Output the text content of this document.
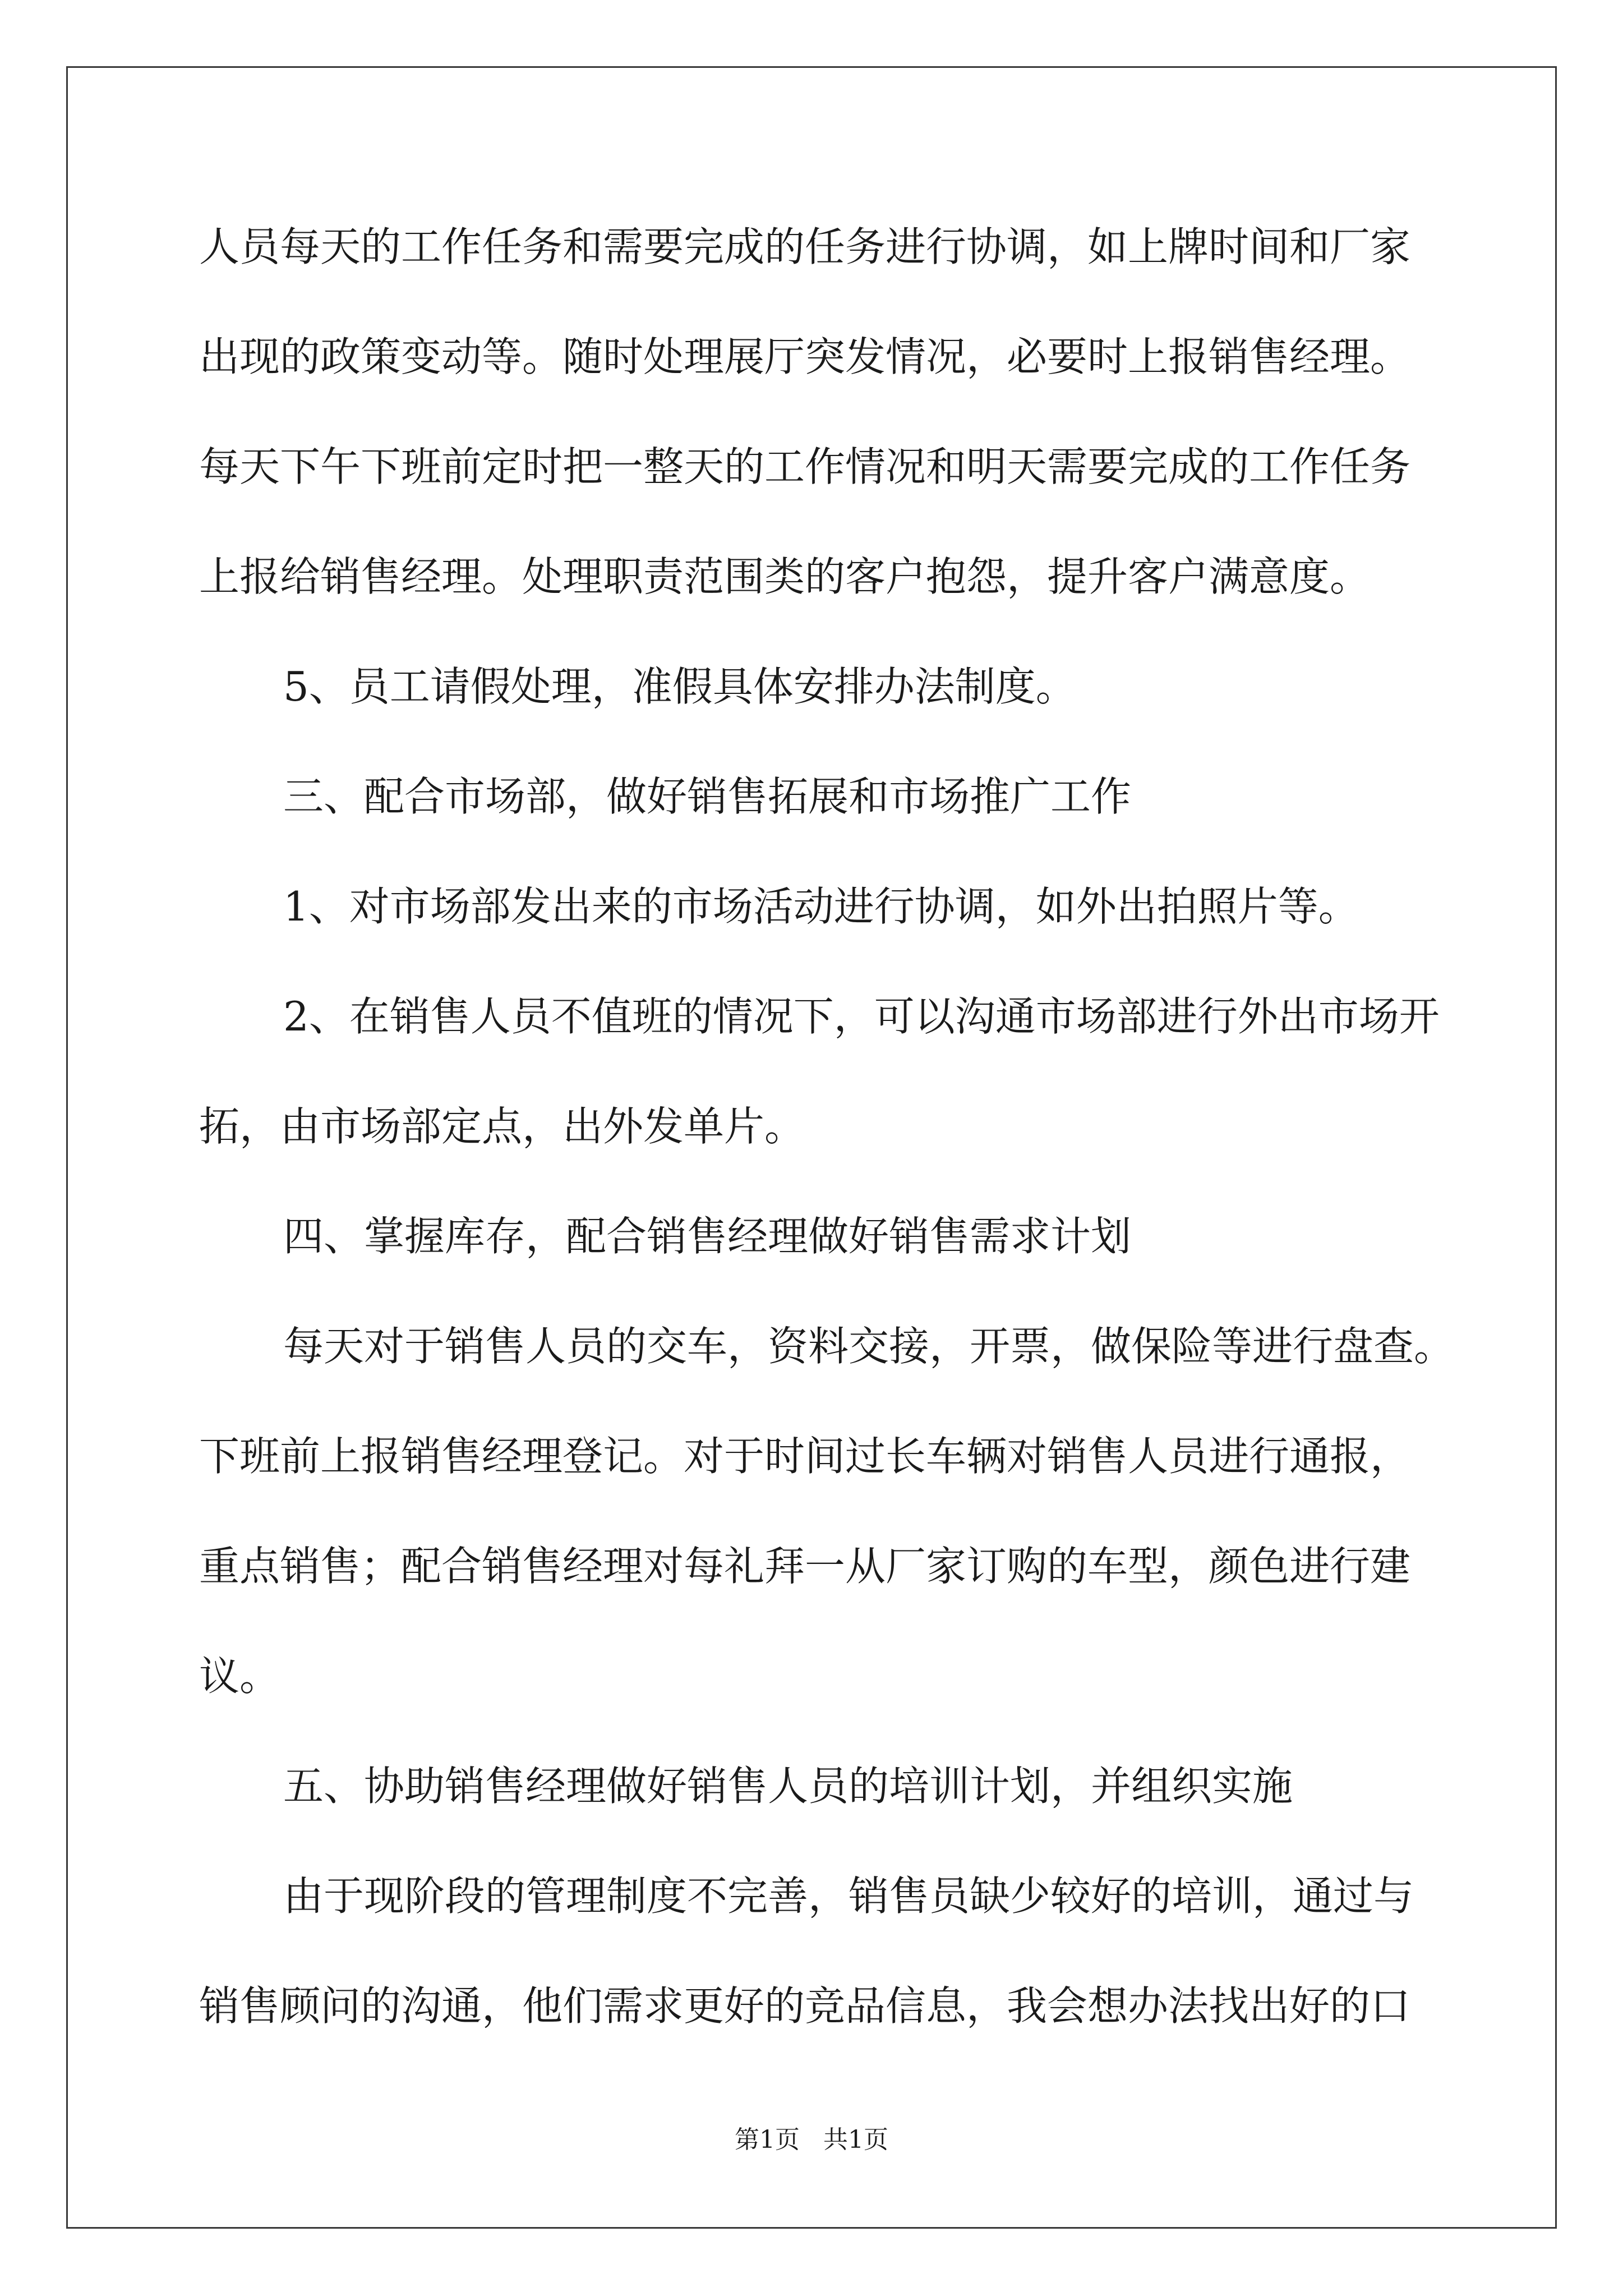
人员每天的工作任务和需要完成的任务进行协调，如上牌时间和厂家
出现的政策变动等。随时处理展厅突发情况，必要时上报销售经理。
每天下午下班前定时把一整天的工作情况和明天需要完成的工作任务
上报给销售经理。处理职责范围类的客户抱怨，提升客户满意度。
5、员工请假处理，准假具体安排办法制度。
三、配合市场部，做好销售拓展和市场推广工作
1、对市场部发出来的市场活动进行协调，如外出拍照片等。
2、在销售人员不值班的情况下，可以沟通市场部进行外出市场开
拓，由市场部定点，出外发单片。
四、掌握库存，配合销售经理做好销售需求计划
每天对于销售人员的交车，资料交接，开票，做保险等进行盘查。
下班前上报销售经理登记。对于时间过长车辆对销售人员进行通报，
重点销售；配合销售经理对每礼拜一从厂家订购的车型，颜色进行建
议。
五、协助销售经理做好销售人员的培训计划，并组织实施
由于现阶段的管理制度不完善，销售员缺少较好的培训，通过与
销售顾问的沟通，他们需求更好的竞品信息，我会想办法找出好的口
第1页   共1页
